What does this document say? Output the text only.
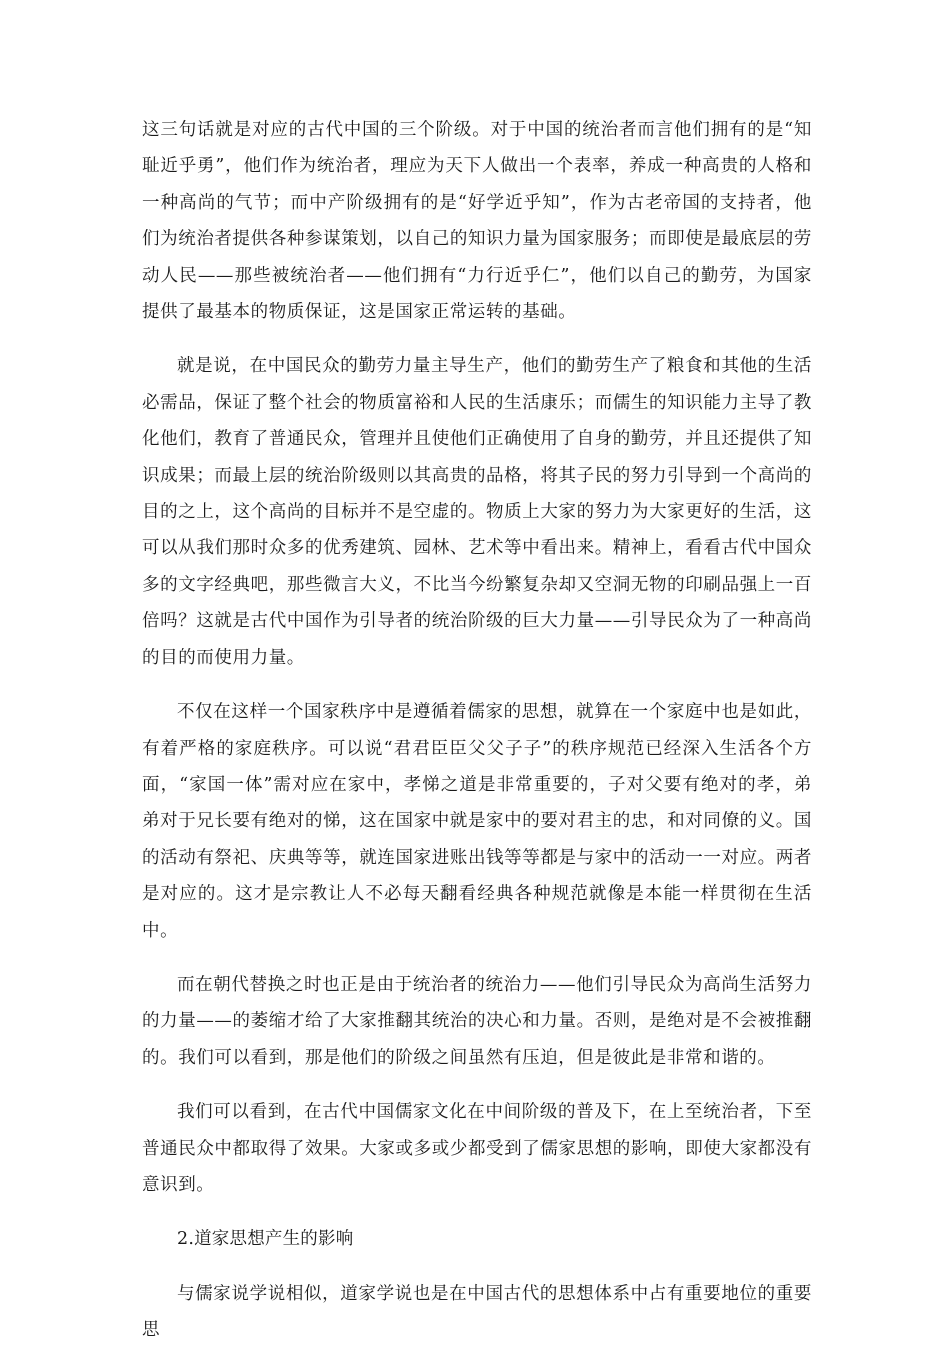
这三句话就是对应的古代中国的三个阶级。对于中国的统治者而言他们拥有的是“知耻近乎勇”，他们作为统治者，理应为天下人做出一个表率，养成一种高贵的人格和一种高尚的气节；而中产阶级拥有的是“好学近乎知”，作为古老帝国的支持者，他们为统治者提供各种参谋策划，以自己的知识力量为国家服务；而即使是最底层的劳动人民——那些被统治者——他们拥有“力行近乎仁”，他们以自己的勤劳，为国家提供了最基本的物质保证，这是国家正常运转的基础。

就是说，在中国民众的勤劳力量主导生产，他们的勤劳生产了粮食和其他的生活必需品，保证了整个社会的物质富裕和人民的生活康乐；而儒生的知识能力主导了教化他们，教育了普通民众，管理并且使他们正确使用了自身的勤劳，并且还提供了知识成果；而最上层的统治阶级则以其高贵的品格，将其子民的努力引导到一个高尚的目的之上，这个高尚的目标并不是空虚的。物质上大家的努力为大家更好的生活，这可以从我们那时众多的优秀建筑、园林、艺术等中看出来。精神上，看看古代中国众多的文字经典吧，那些微言大义，不比当今纷繁复杂却又空洞无物的印刷品强上一百倍吗？这就是古代中国作为引导者的统治阶级的巨大力量——引导民众为了一种高尚的目的而使用力量。

不仅在这样一个国家秩序中是遵循着儒家的思想，就算在一个家庭中也是如此，有着严格的家庭秩序。可以说“君君臣臣父父子子”的秩序规范已经深入生活各个方面，“家国一体”需对应在家中，孝悌之道是非常重要的，子对父要有绝对的孝，弟弟对于兄长要有绝对的悌，这在国家中就是家中的要对君主的忠，和对同僚的义。国的活动有祭祀、庆典等等，就连国家进账出钱等等都是与家中的活动一一对应。两者是对应的。这才是宗教让人不必每天翻看经典各种规范就像是本能一样贯彻在生活中。

而在朝代替换之时也正是由于统治者的统治力——他们引导民众为高尚生活努力的力量——的萎缩才给了大家推翻其统治的决心和力量。否则，是绝对是不会被推翻的。我们可以看到，那是他们的阶级之间虽然有压迫，但是彼此是非常和谐的。

我们可以看到，在古代中国儒家文化在中间阶级的普及下，在上至统治者，下至普通民众中都取得了效果。大家或多或少都受到了儒家思想的影响，即使大家都没有意识到。

2.道家思想产生的影响

与儒家说学说相似，道家学说也是在中国古代的思想体系中占有重要地位的重要思
